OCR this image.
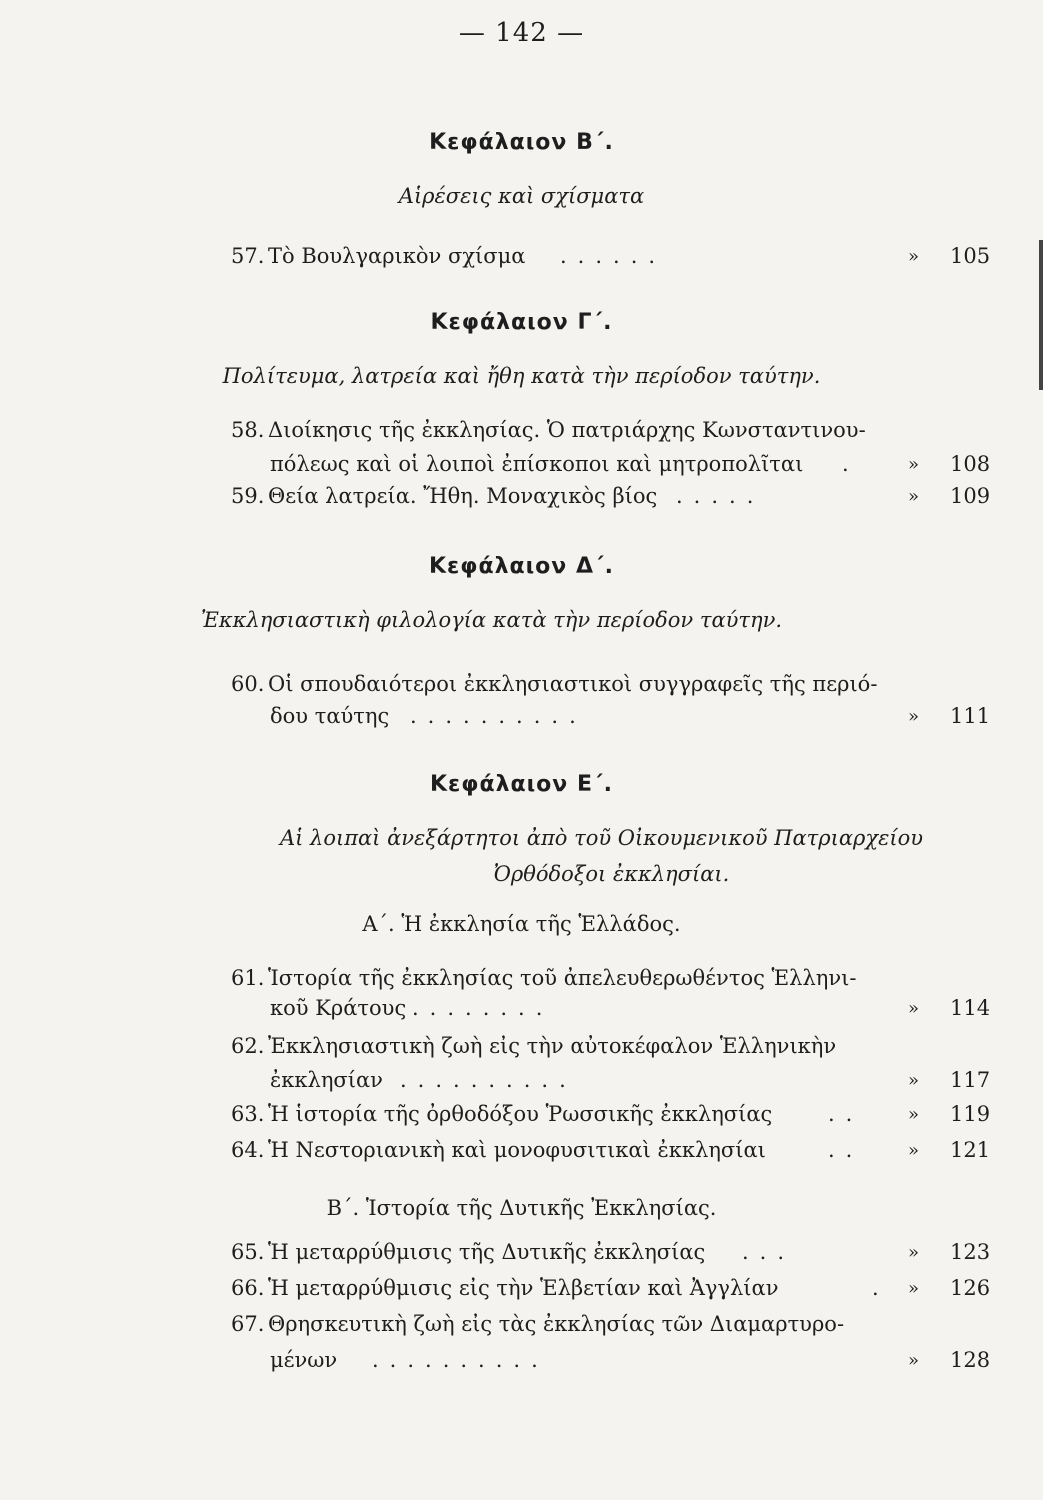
— 142 —
Κεφάλαιον Β΄.
Αἱρέσεις καὶ σχίσματα
57. Τὸ Βουλγαρικὸν σχίσμα ......	» 105
Κεφάλαιον Γ΄.
Πολίτευμα, λατρεία καὶ ἤθη κατὰ τὴν περίοδον ταύτην.
58. Διοίκησις τῆς ἐκκλησίας. Ὁ πατριάρχης Κωνσταντινου-
πόλεως καὶ οἱ λοιποὶ ἐπίσκοποι καὶ μητροπολῖται .	» 108
59. Θεία λατρεία. Ἤθη. Μοναχικὸς βίος .....	» 109
Κεφάλαιον Δ΄.
Ἐκκλησιαστικὴ φιλολογία κατὰ τὴν περίοδον ταύτην.
60. Οἱ σπουδαιότεροι ἐκκλησιαστικοὶ συγγραφεῖς τῆς περιό-
δου ταύτης ..........	» 111
Κεφάλαιον Ε΄.
Αἱ λοιπαὶ ἀνεξάρτητοι ἀπὸ τοῦ Οἰκουμενικοῦ Πατριαρχείου
Ὀρθόδοξοι ἐκκλησίαι.
Α΄. Ἡ ἐκκλησία τῆς Ἑλλάδος.
61. Ἱστορία τῆς ἐκκλησίας τοῦ ἀπελευθερωθέντος Ἑλληνι-
κοῦ Κράτους ........	» 114
62. Ἐκκλησιαστικὴ ζωὴ εἰς τὴν αὐτοκέφαλον Ἑλληνικὴν
ἐκκλησίαν ..........	» 117
63. Ἡ ἱστορία τῆς ὀρθοδόξου Ῥωσσικῆς ἐκκλησίας	.. » 119
64. Ἡ Νεστοριανικὴ καὶ μονοφυσιτικαὶ ἐκκλησίαι	.. » 121
Β΄. Ἱστορία τῆς Δυτικῆς Ἐκκλησίας.
65. Ἡ μεταρρύθμισις τῆς Δυτικῆς ἐκκλησίας ...	» 123
66. Ἡ μεταρρύθμισις εἰς τὴν Ἑλβετίαν καὶ Ἀγγλίαν	. » 126
67. Θρησκευτικὴ ζωὴ εἰς τὰς ἐκκλησίας τῶν Διαμαρτυρο-
μένων ..........	» 128
